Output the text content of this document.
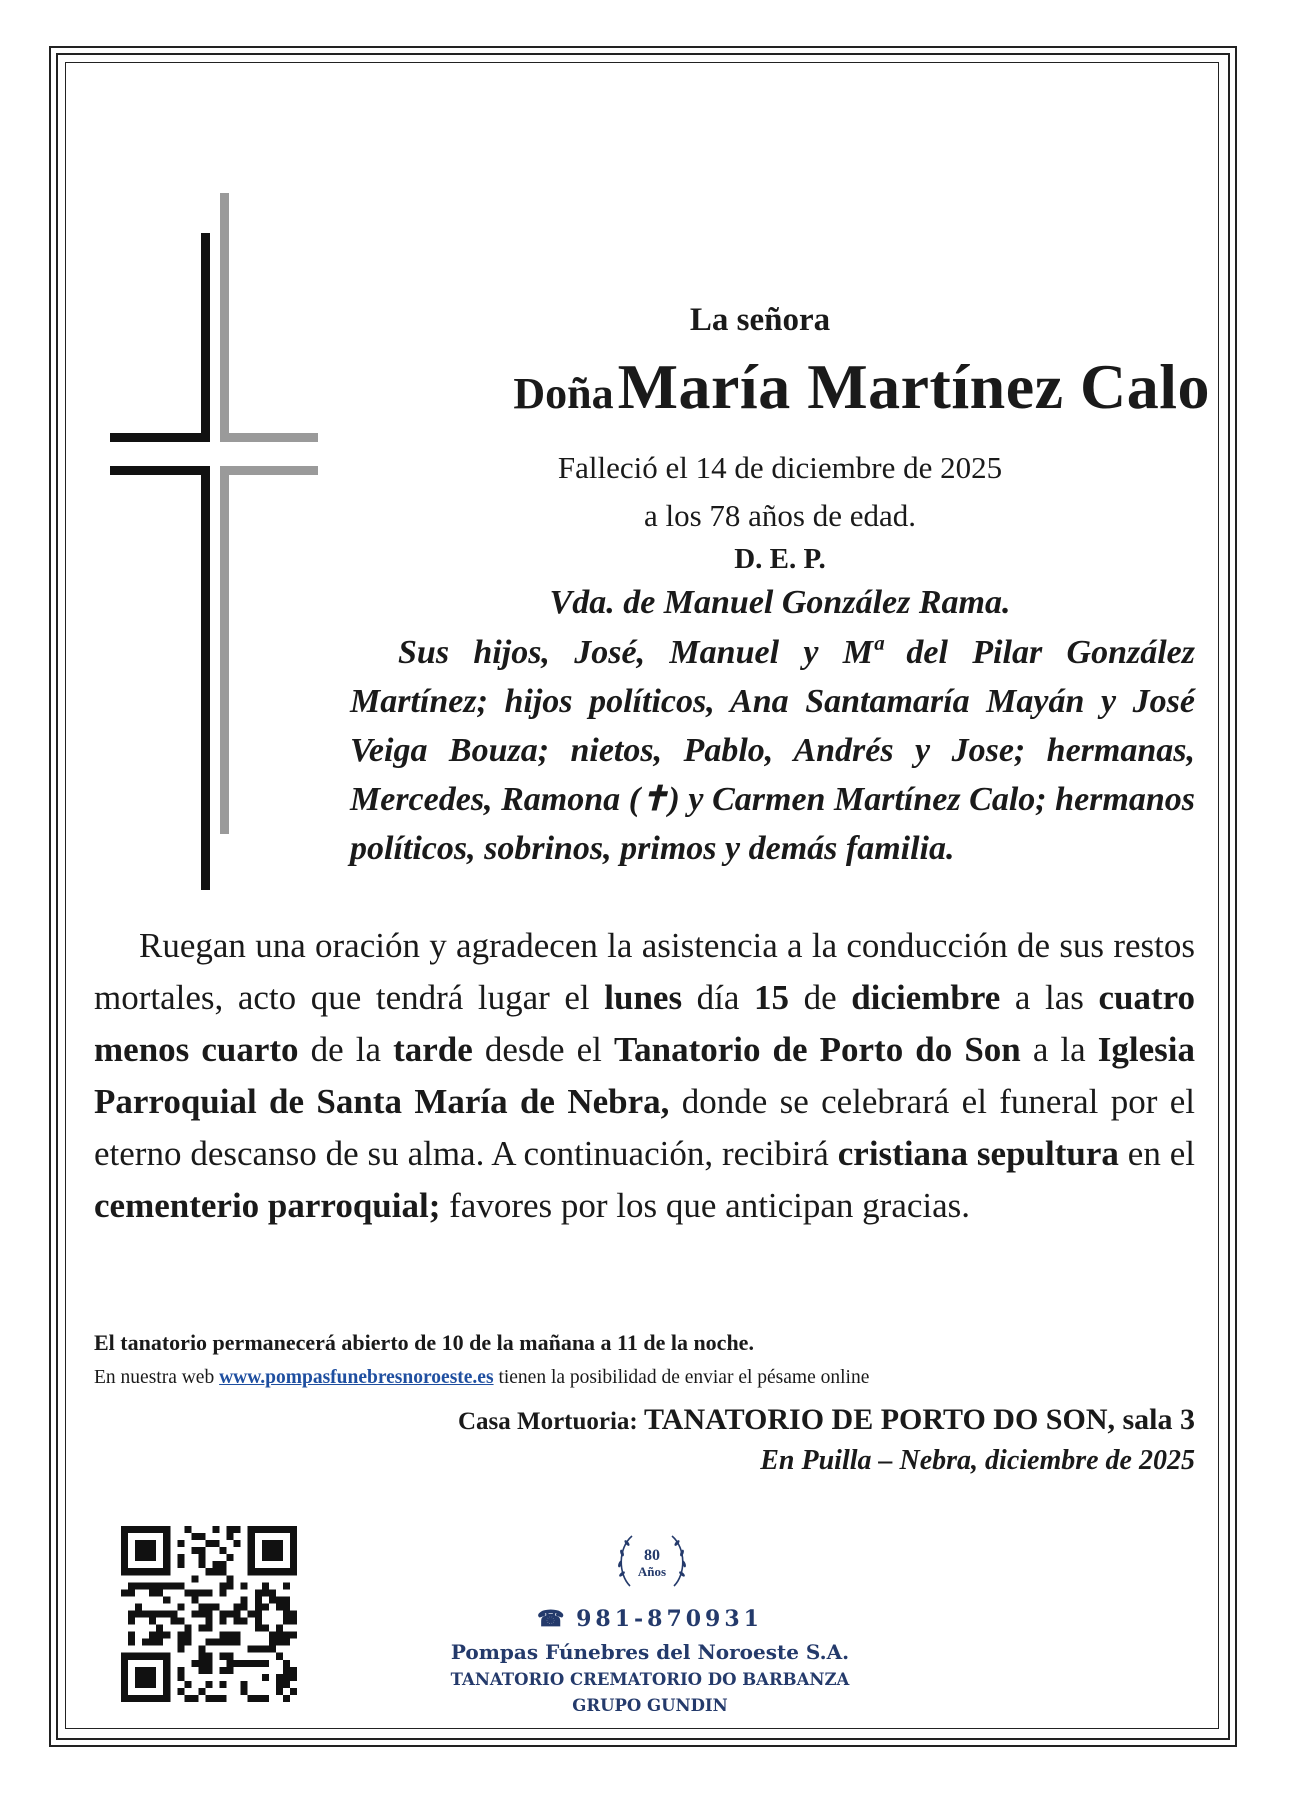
La señora
Doña María Martínez Calo
Falleció el 14 de diciembre de 2025
a los 78 años de edad.
D. E. P.
Vda. de Manuel González Rama.
Sus hijos, José, Manuel y Mª del Pilar González Martínez; hijos políticos, Ana Santamaría Mayán y José Veiga Bouza; nietos, Pablo, Andrés y Jose; hermanas, Mercedes, Ramona (✝) y Carmen Martínez Calo; hermanos políticos, sobrinos, primos y demás familia.
Ruegan una oración y agradecen la asistencia a la conducción de sus restos mortales, acto que tendrá lugar el lunes día 15 de diciembre a las cuatro menos cuarto de la tarde desde el Tanatorio de Porto do Son a la Iglesia Parroquial de Santa María de Nebra, donde se celebrará el funeral por el eterno descanso de su alma. A continuación, recibirá cristiana sepultura en el cementerio parroquial; favores por los que anticipan gracias.
El tanatorio permanecerá abierto de 10 de la mañana a 11 de la noche.
En nuestra web www.pompasfunebresnoroeste.es tienen la posibilidad de enviar el pésame online
Casa Mortuoria: TANATORIO DE PORTO DO SON, sala 3
En Puilla – Nebra, diciembre de 2025
80
Años
☎ 981-870931
Pompas Fúnebres del Noroeste S.A.
TANATORIO CREMATORIO DO BARBANZA
GRUPO GUNDIN
